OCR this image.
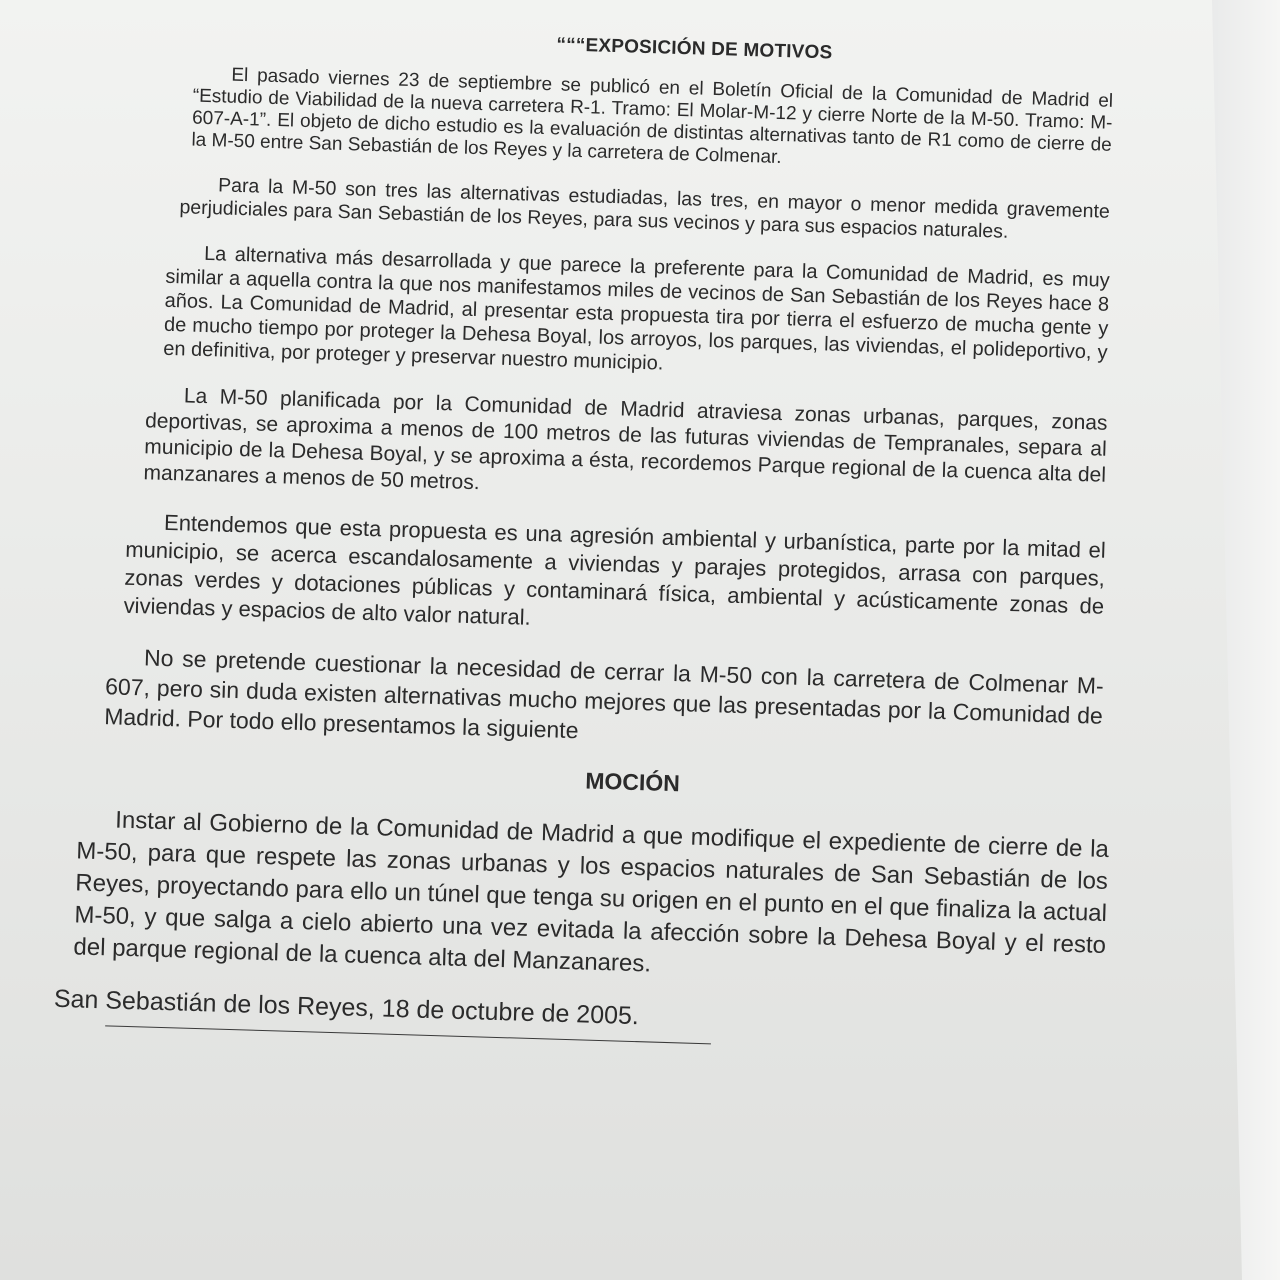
“““EXPOSICIÓN DE MOTIVOS

El pasado viernes 23 de septiembre se publicó en el Boletín Oficial de la Comunidad de Madrid el “Estudio de Viabilidad de la nueva carretera R-1. Tramo: El Molar-M-12 y cierre Norte de la M-50. Tramo: M-607-A-1”. El objeto de dicho estudio es la evaluación de distintas alternativas tanto de R1 como de cierre de la M-50 entre San Sebastián de los Reyes y la carretera de Colmenar.

Para la M-50 son tres las alternativas estudiadas, las tres, en mayor o menor medida gravemente perjudiciales para San Sebastián de los Reyes, para sus vecinos y para sus espacios naturales.

La alternativa más desarrollada y que parece la preferente para la Comunidad de Madrid, es muy similar a aquella contra la que nos manifestamos miles de vecinos de San Sebastián de los Reyes hace 8 años. La Comunidad de Madrid, al presentar esta propuesta tira por tierra el esfuerzo de mucha gente y de mucho tiempo por proteger la Dehesa Boyal, los arroyos, los parques, las viviendas, el polideportivo, y en definitiva, por proteger y preservar nuestro municipio.

La M-50 planificada por la Comunidad de Madrid atraviesa zonas urbanas, parques, zonas deportivas, se aproxima a menos de 100 metros de las futuras viviendas de Tempranales, separa al municipio de la Dehesa Boyal, y se aproxima a ésta, recordemos Parque regional de la cuenca alta del manzanares a menos de 50 metros.

Entendemos que esta propuesta es una agresión ambiental y urbanística, parte por la mitad el municipio, se acerca escandalosamente a viviendas y parajes protegidos, arrasa con parques, zonas verdes y dotaciones públicas y contaminará física, ambiental y acústicamente zonas de viviendas y espacios de alto valor natural.

No se pretende cuestionar la necesidad de cerrar la M-50 con la carretera de Colmenar M-607, pero sin duda existen alternativas mucho mejores que las presentadas por la Comunidad de Madrid. Por todo ello presentamos la siguiente

MOCIÓN

Instar al Gobierno de la Comunidad de Madrid a que modifique el expediente de cierre de la M-50, para que respete las zonas urbanas y los espacios naturales de San Sebastián de los Reyes, proyectando para ello un túnel que tenga su origen en el punto en el que finaliza la actual M-50, y que salga a cielo abierto una vez evitada la afección sobre la Dehesa Boyal y el resto del parque regional de la cuenca alta del Manzanares.

San Sebastián de los Reyes, 18 de octubre de 2005.
